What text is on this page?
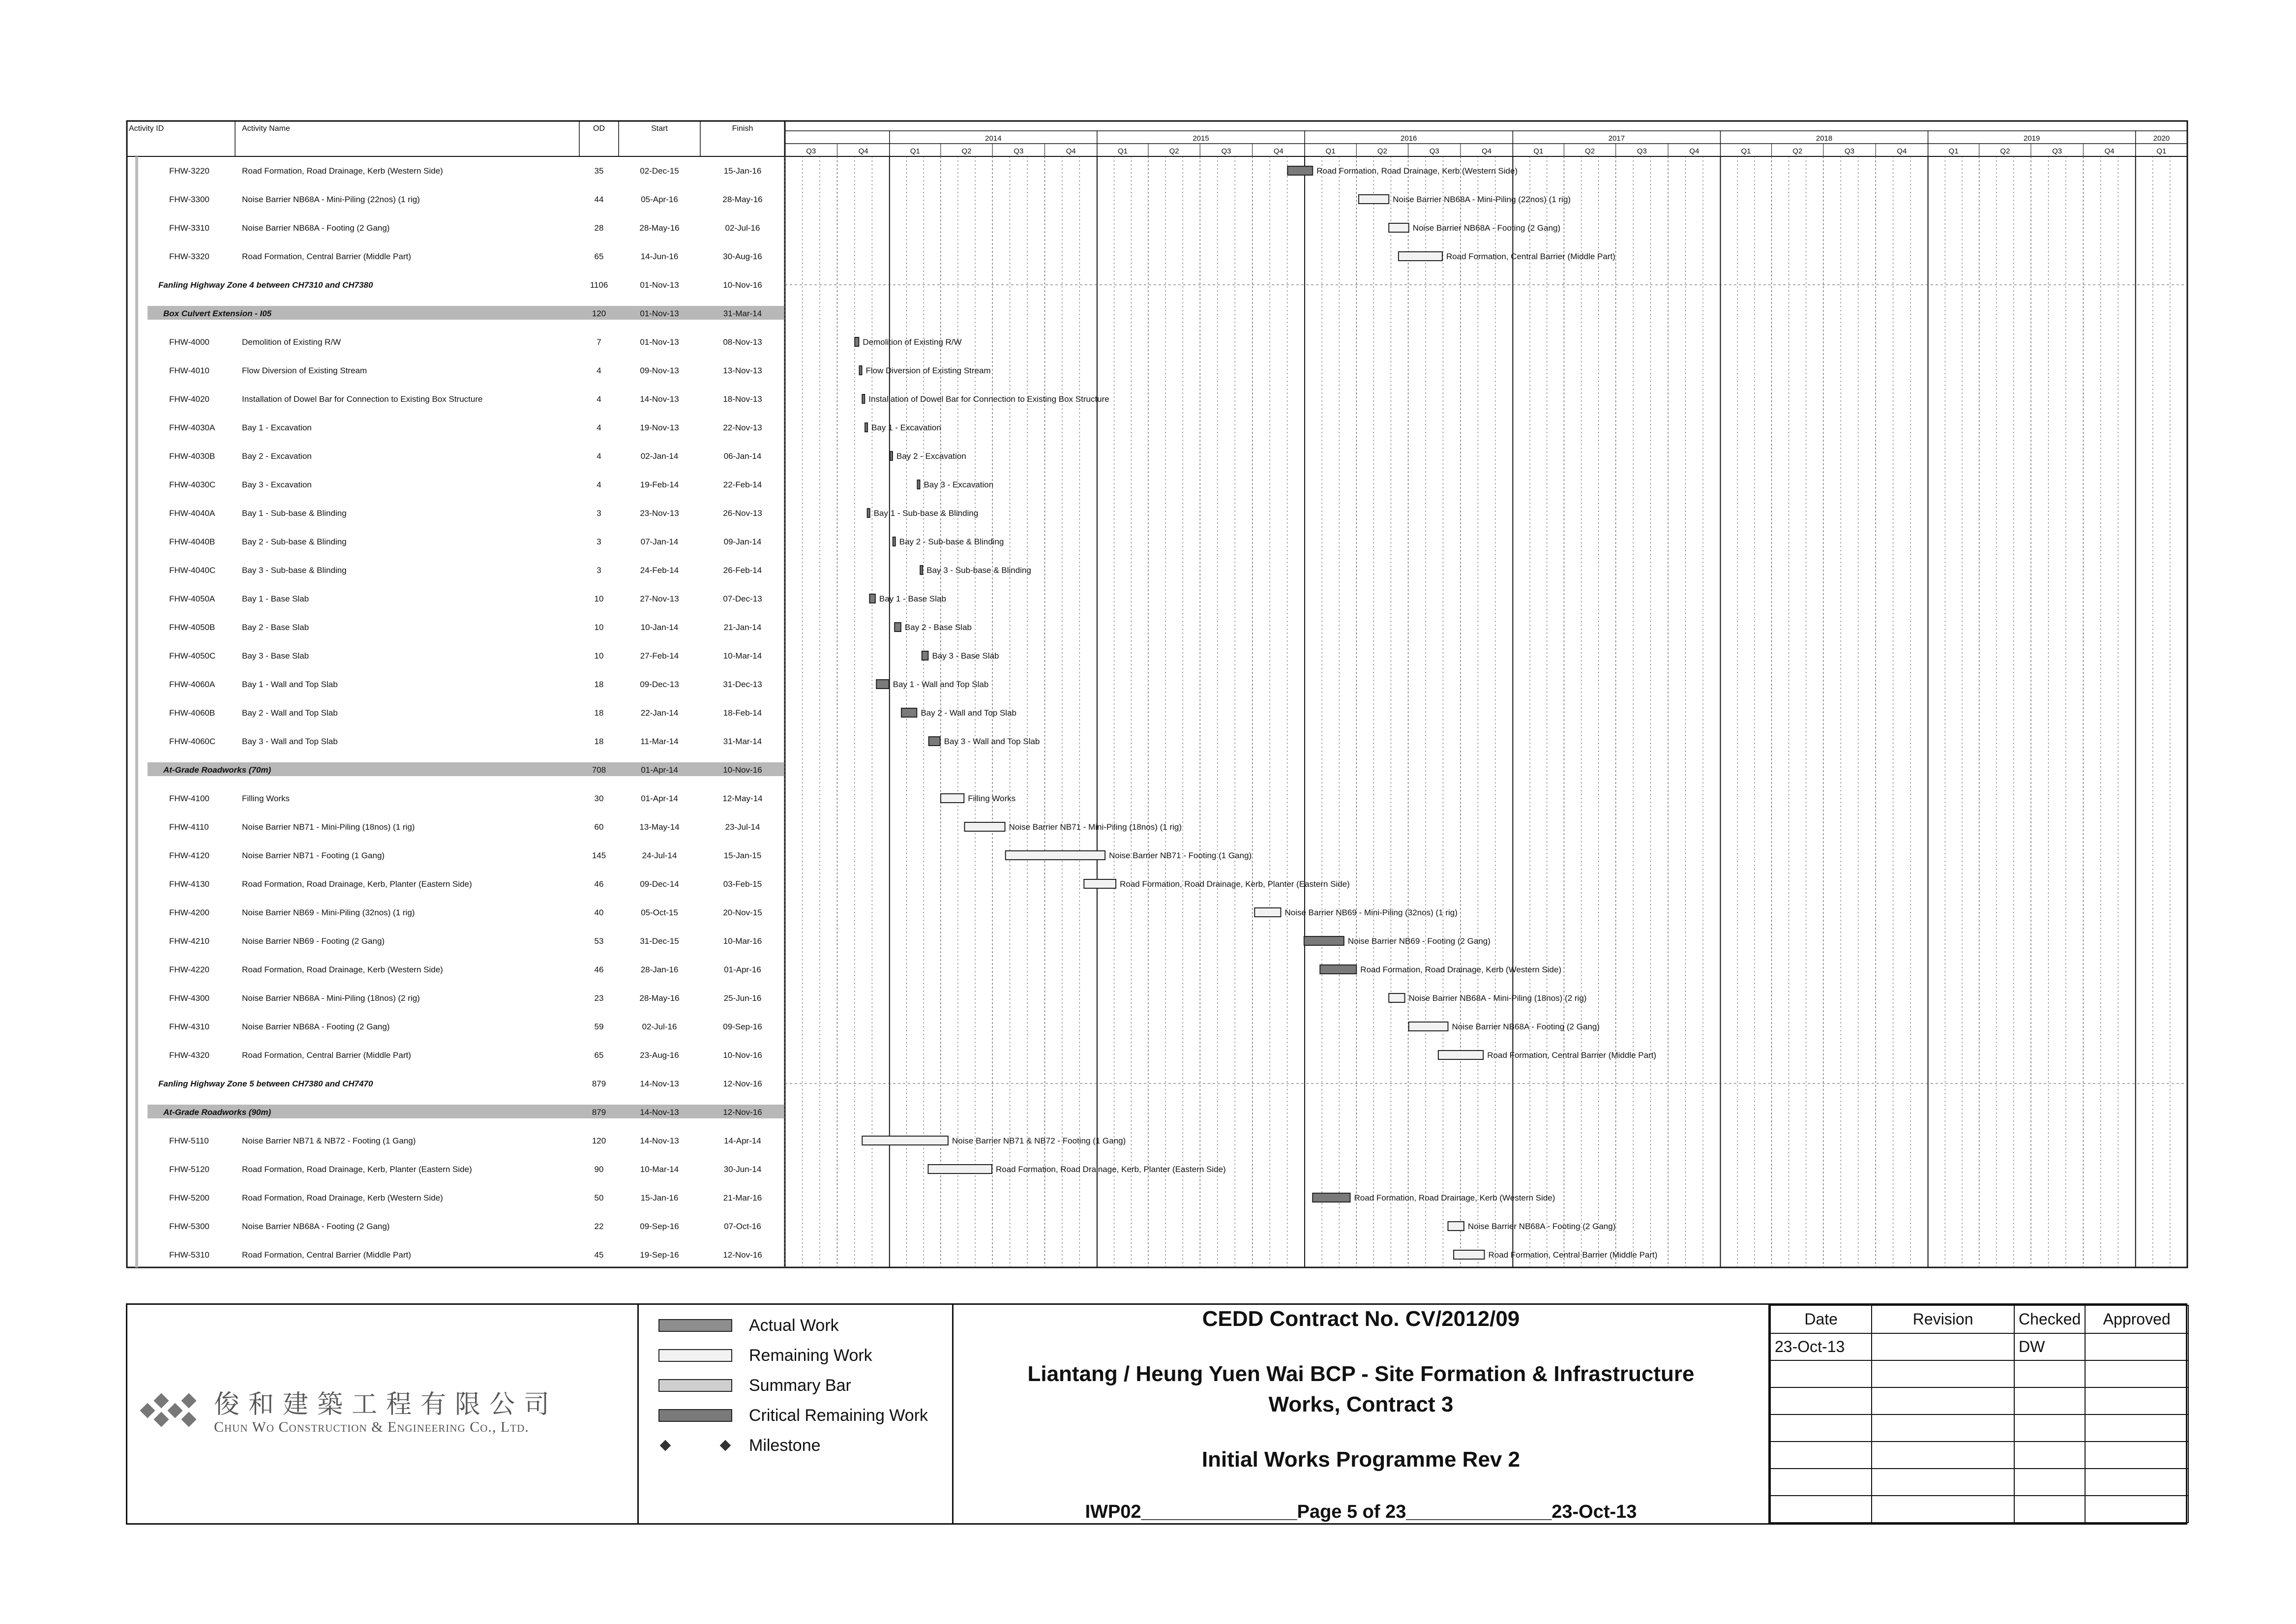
Activity ID	Activity Name	OD	Start	Finish
Q3	Q4	Q1	Q2	Q3	Q4	Q1	Q2	Q3	Q4	Q1	Q2	Q3	Q4	Q1	Q2	Q3	Q4	Q1	Q2	Q3	Q4	Q1	Q2	Q3	Q4	Q1
2014	2015	2016	2017	2018	2019	2020
FHW-3220	Road Formation, Road Drainage, Kerb (Western Side)	35	02-Dec-15	15-Jan-16	Road Formation, Road Drainage, Kerb (Western Side)
FHW-3300	Noise Barrier NB68A - Mini-Piling (22nos) (1 rig)	44	05-Apr-16	28-May-16	Noise Barrier NB68A - Mini-Piling (22nos) (1 rig)
FHW-3310	Noise Barrier NB68A - Footing (2 Gang)	28	28-May-16	02-Jul-16	Noise Barrier NB68A - Footing (2 Gang)
FHW-3320	Road Formation, Central Barrier (Middle Part)	65	14-Jun-16	30-Aug-16	Road Formation, Central Barrier (Middle Part)
Fanling Highway Zone 4 between CH7310 and CH7380	1106	01-Nov-13	10-Nov-16
Box Culvert Extension - I05	120	01-Nov-13	31-Mar-14
FHW-4000	Demolition of Existing R/W	7	01-Nov-13	08-Nov-13	Demolition of Existing R/W
FHW-4010	Flow Diversion of Existing Stream	4	09-Nov-13	13-Nov-13	Flow Diversion of Existing Stream
FHW-4020	Installation of Dowel Bar for Connection to Existing Box Structure	4	14-Nov-13	18-Nov-13	Installation of Dowel Bar for Connection to Existing Box Structure
FHW-4030A	Bay 1 - Excavation	4	19-Nov-13	22-Nov-13	Bay 1 - Excavation
FHW-4030B	Bay 2 - Excavation	4	02-Jan-14	06-Jan-14	Bay 2 - Excavation
FHW-4030C	Bay 3 - Excavation	4	19-Feb-14	22-Feb-14	Bay 3 - Excavation
FHW-4040A	Bay 1 - Sub-base & Blinding	3	23-Nov-13	26-Nov-13	Bay 1 - Sub-base & Blinding
FHW-4040B	Bay 2 - Sub-base & Blinding	3	07-Jan-14	09-Jan-14	Bay 2 - Sub-base & Blinding
FHW-4040C	Bay 3 - Sub-base & Blinding	3	24-Feb-14	26-Feb-14	Bay 3 - Sub-base & Blinding
FHW-4050A	Bay 1 - Base Slab	10	27-Nov-13	07-Dec-13	Bay 1 - Base Slab
FHW-4050B	Bay 2 - Base Slab	10	10-Jan-14	21-Jan-14	Bay 2 - Base Slab
FHW-4050C	Bay 3 - Base Slab	10	27-Feb-14	10-Mar-14	Bay 3 - Base Slab
FHW-4060A	Bay 1 - Wall and Top Slab	18	09-Dec-13	31-Dec-13	Bay 1 - Wall and Top Slab
FHW-4060B	Bay 2 - Wall and Top Slab	18	22-Jan-14	18-Feb-14	Bay 2 - Wall and Top Slab
FHW-4060C	Bay 3 - Wall and Top Slab	18	11-Mar-14	31-Mar-14	Bay 3 - Wall and Top Slab
At-Grade Roadworks (70m)	708	01-Apr-14	10-Nov-16
FHW-4100	Filling Works	30	01-Apr-14	12-May-14	Filling Works
FHW-4110	Noise Barrier NB71 - Mini-Piling (18nos) (1 rig)	60	13-May-14	23-Jul-14	Noise Barrier NB71 - Mini-Piling (18nos) (1 rig)
FHW-4120	Noise Barrier NB71 - Footing (1 Gang)	145	24-Jul-14	15-Jan-15	Noise Barrier NB71 - Footing (1 Gang)
FHW-4130	Road Formation, Road Drainage, Kerb, Planter (Eastern Side)	46	09-Dec-14	03-Feb-15	Road Formation, Road Drainage, Kerb, Planter (Eastern Side)
FHW-4200	Noise Barrier NB69 - Mini-Piling (32nos) (1 rig)	40	05-Oct-15	20-Nov-15	Noise Barrier NB69 - Mini-Piling (32nos) (1 rig)
FHW-4210	Noise Barrier NB69 - Footing (2 Gang)	53	31-Dec-15	10-Mar-16	Noise Barrier NB69 - Footing (2 Gang)
FHW-4220	Road Formation, Road Drainage, Kerb (Western Side)	46	28-Jan-16	01-Apr-16	Road Formation, Road Drainage, Kerb (Western Side)
FHW-4300	Noise Barrier NB68A - Mini-Piling (18nos) (2 rig)	23	28-May-16	25-Jun-16	Noise Barrier NB68A - Mini-Piling (18nos) (2 rig)
FHW-4310	Noise Barrier NB68A - Footing (2 Gang)	59	02-Jul-16	09-Sep-16	Noise Barrier NB68A - Footing (2 Gang)
FHW-4320	Road Formation, Central Barrier (Middle Part)	65	23-Aug-16	10-Nov-16	Road Formation, Central Barrier (Middle Part)
Fanling Highway Zone 5 between CH7380 and CH7470	879	14-Nov-13	12-Nov-16
At-Grade Roadworks (90m)	879	14-Nov-13	12-Nov-16
FHW-5110	Noise Barrier NB71 & NB72 - Footing (1 Gang)	120	14-Nov-13	14-Apr-14	Noise Barrier NB71 & NB72 - Footing (1 Gang)
FHW-5120	Road Formation, Road Drainage, Kerb, Planter (Eastern Side)	90	10-Mar-14	30-Jun-14	Road Formation, Road Drainage, Kerb, Planter (Eastern Side)
FHW-5200	Road Formation, Road Drainage, Kerb (Western Side)	50	15-Jan-16	21-Mar-16	Road Formation, Road Drainage, Kerb (Western Side)
FHW-5300	Noise Barrier NB68A - Footing (2 Gang)	22	09-Sep-16	07-Oct-16	Noise Barrier NB68A - Footing (2 Gang)
FHW-5310	Road Formation, Central Barrier (Middle Part)	45	19-Sep-16	12-Nov-16	Road Formation, Central Barrier (Middle Part)
俊和建築工程有限公司
Chun Wo Construction & Engineering Co., Ltd.
Actual Work
Remaining Work
Summary Bar
Critical Remaining Work
Milestone
CEDD Contract No. CV/2012/09
Liantang / Heung Yuen Wai BCP - Site Formation & Infrastructure
Works, Contract 3
Initial Works Programme Rev 2
IWP02_______________Page 5 of 23______________23-Oct-13
Date	Revision	Checked	Approved
23-Oct-13		DW	
